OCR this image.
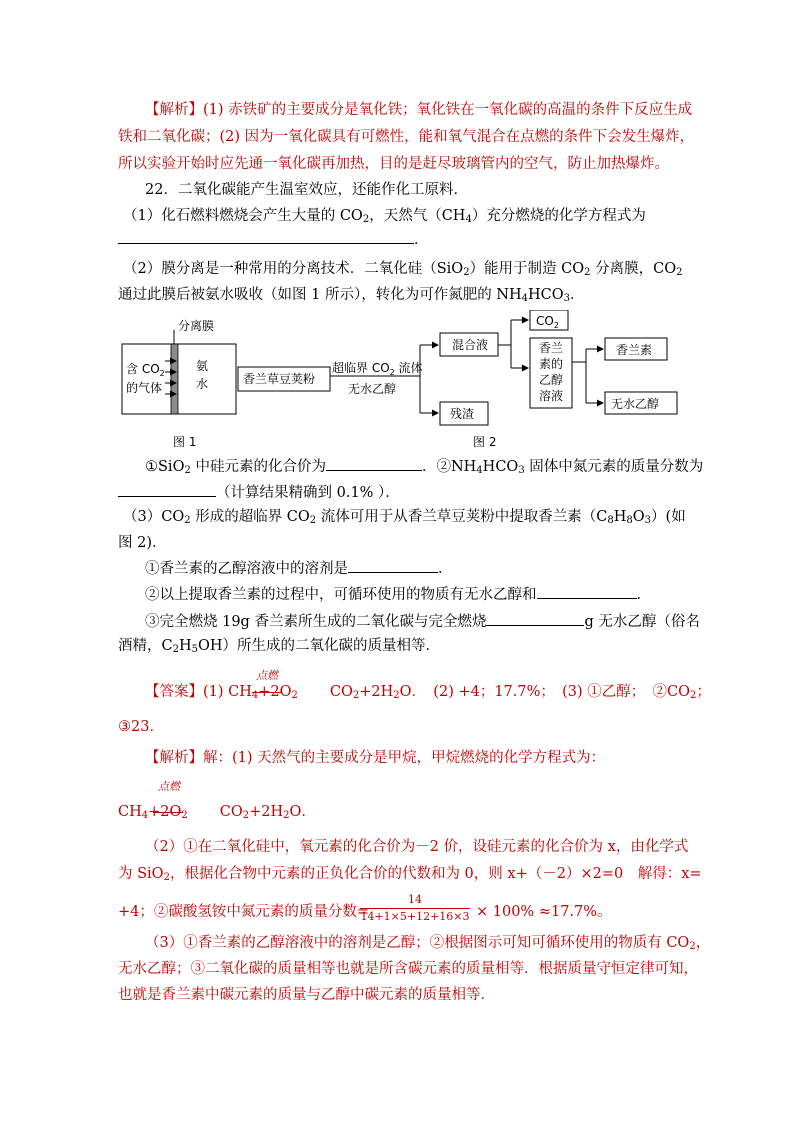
【解析】(1) 赤铁矿的主要成分是氧化铁；氧化铁在一氧化碳的高温的条件下反应生成
铁和二氧化碳；(2) 因为一氧化碳具有可燃性，能和氧气混合在点燃的条件下会发生爆炸，
所以实验开始时应先通一氧化碳再加热，目的是赶尽玻璃管内的空气，防止加热爆炸。
22．二氧化碳能产生温室效应，还能作化工原料．
（1）化石燃料燃烧会产生大量的 $CO_2$，天然气$(CH_4)$充分燃烧的化学方程式为
．
（2）膜分离是一种常用的分离技术．二氧化硅（SiO$_2$）能用于制造 $CO_2$ 分离膜，$CO_2$
通过此膜后被氨水吸收（如图 1 所示），转化为可作氮肥的 $NH_4HCO_3$．
分离膜
含 $CO_2$
的气体
氨
水
图 1
香兰草豆荚粉
超临界 $CO_2$ 流体
无水乙醇
混合液
残渣
$CO_2$
香兰
素的
乙醇
溶液
香兰素
无水乙醇
图 2
①SiO$_2$ 中硅元素的化合价为	．$②NH_4HCO_3$ 固体中氮元素的质量分数为
（计算结果精确到 0.1% ）．
$(3)CO_2$ 形成的超临界 $CO_2$ 流体可用于从香兰草豆荚粉中提取香兰素$(C_8H_8O_3)$(如
图 2)．
①香兰素的乙醇溶液中的溶剂是	．
②以上提取香兰素的过程中，可循环使用的物质有无水乙醇和	．
③完全燃烧 19g 香兰素所生成的二氧化碳与完全燃烧	g 无水乙醇（俗名
酒精，$C_2H_5OH$）所生成的二氧化碳的质量相等．
点燃
【答案】(1) $CH_4+2O_2$ $CO_2+2H_2O$．　(2) +4；17.7%；　(3) ①乙醇；　$②CO_2$；
③23．
【解析】解：(1) 天然气的主要成分是甲烷，甲烷燃烧的化学方程式为：
点燃
$CH_4+2O_2$ $CO_2+2H_2O$．
（2）①在二氧化硅中，氧元素的化合价为－2 价，设硅元素的化合价为 x，由化学式
为 SiO$_2$，根据化合物中元素的正负化合价的代数和为 0，则 x+（－2）×2=0　解得：x=
+4；②碳酸氢铵中氮元素的质量分数=
14
14+1×5+12+16×3 × 100% ≈17.7%。
（3）①香兰素的乙醇溶液中的溶剂是乙醇；②根据图示可知可循环使用的物质有 $CO_2$，
无水乙醇；③二氧化碳的质量相等也就是所含碳元素的质量相等．根据质量守恒定律可知，
也就是香兰素中碳元素的质量与乙醇中碳元素的质量相等．
